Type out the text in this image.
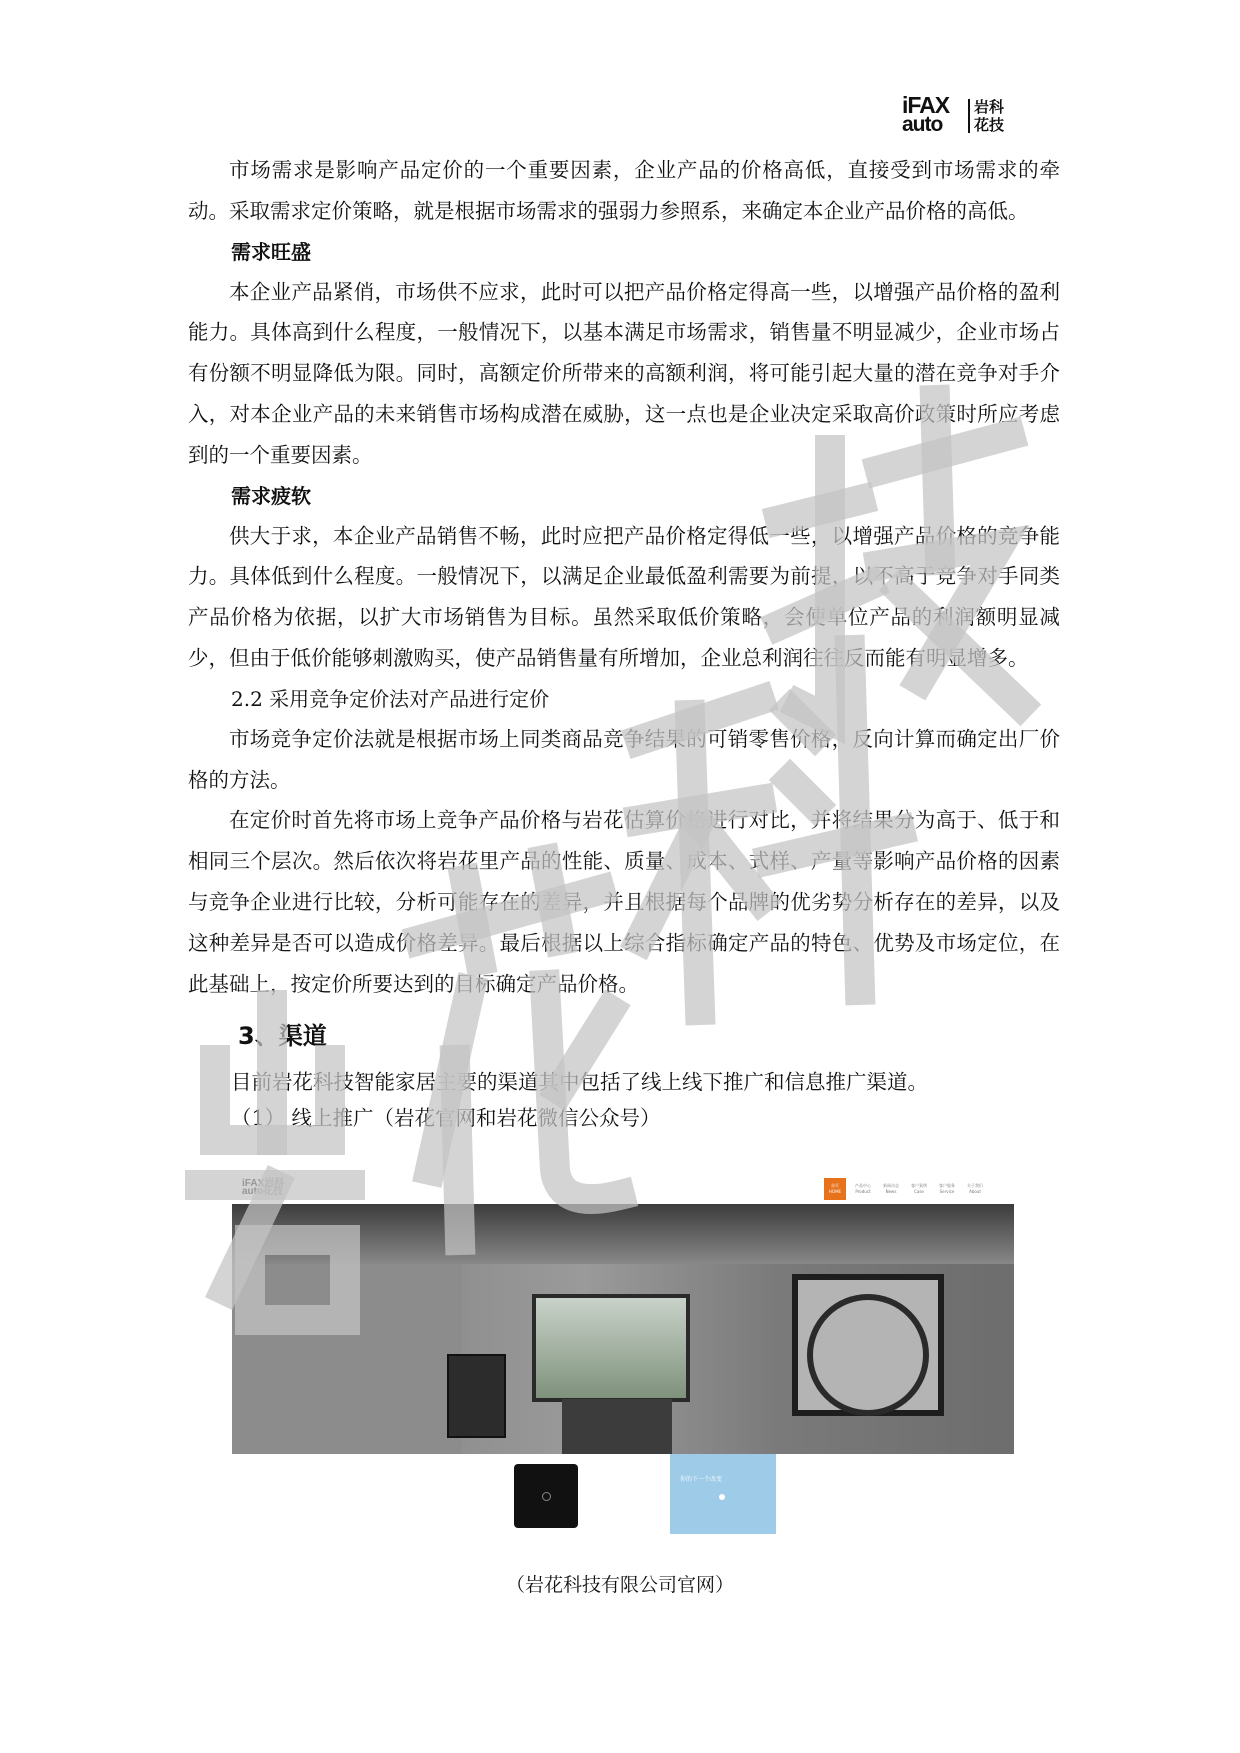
iFAX
auto
岩科花技

市场需求是影响产品定价的一个重要因素，企业产品的价格高低，直接受到市场需求的牵动。采取需求定价策略，就是根据市场需求的强弱力参照系，来确定本企业产品价格的高低。

需求旺盛

本企业产品紧俏，市场供不应求，此时可以把产品价格定得高一些，以增强产品价格的盈利能力。具体高到什么程度，一般情况下，以基本满足市场需求，销售量不明显减少，企业市场占有份额不明显降低为限。同时，高额定价所带来的高额利润，将可能引起大量的潜在竞争对手介入，对本企业产品的未来销售市场构成潜在威胁，这一点也是企业决定采取高价政策时所应考虑到的一个重要因素。

需求疲软

供大于求，本企业产品销售不畅，此时应把产品价格定得低一些，以增强产品价格的竞争能力。具体低到什么程度。一般情况下，以满足企业最低盈利需要为前提，以不高于竞争对手同类产品价格为依据，以扩大市场销售为目标。虽然采取低价策略，会使单位产品的利润额明显减少，但由于低价能够刺激购买，使产品销售量有所增加，企业总利润往往反而能有明显增多。

2.2 采用竞争定价法对产品进行定价

市场竞争定价法就是根据市场上同类商品竞争结果的可销零售价格，反向计算而确定出厂价格的方法。

在定价时首先将市场上竞争产品价格与岩花估算价格进行对比，并将结果分为高于、低于和相同三个层次。然后依次将岩花里产品的性能、质量、成本、式样、产量等影响产品价格的因素与竞争企业进行比较，分析可能存在的差异，并且根据每个品牌的优劣势分析存在的差异，以及这种差异是否可以造成价格差异。最后根据以上综合指标确定产品的特色、优势及市场定位，在此基础上，按定价所要达到的目标确定产品价格。

3、渠道

目前岩花科技智能家居主要的渠道其中包括了线上线下推广和信息推广渠道。

（1） 线上推广（岩花官网和岩花微信公众号）

iFAX岩科
auto花技
首页
HOME
产品中心
Product
新闻动态
News
客户案例
Case
客户服务
Service
关于我们
About
你的下一个改变
（岩花科技有限公司官网）
